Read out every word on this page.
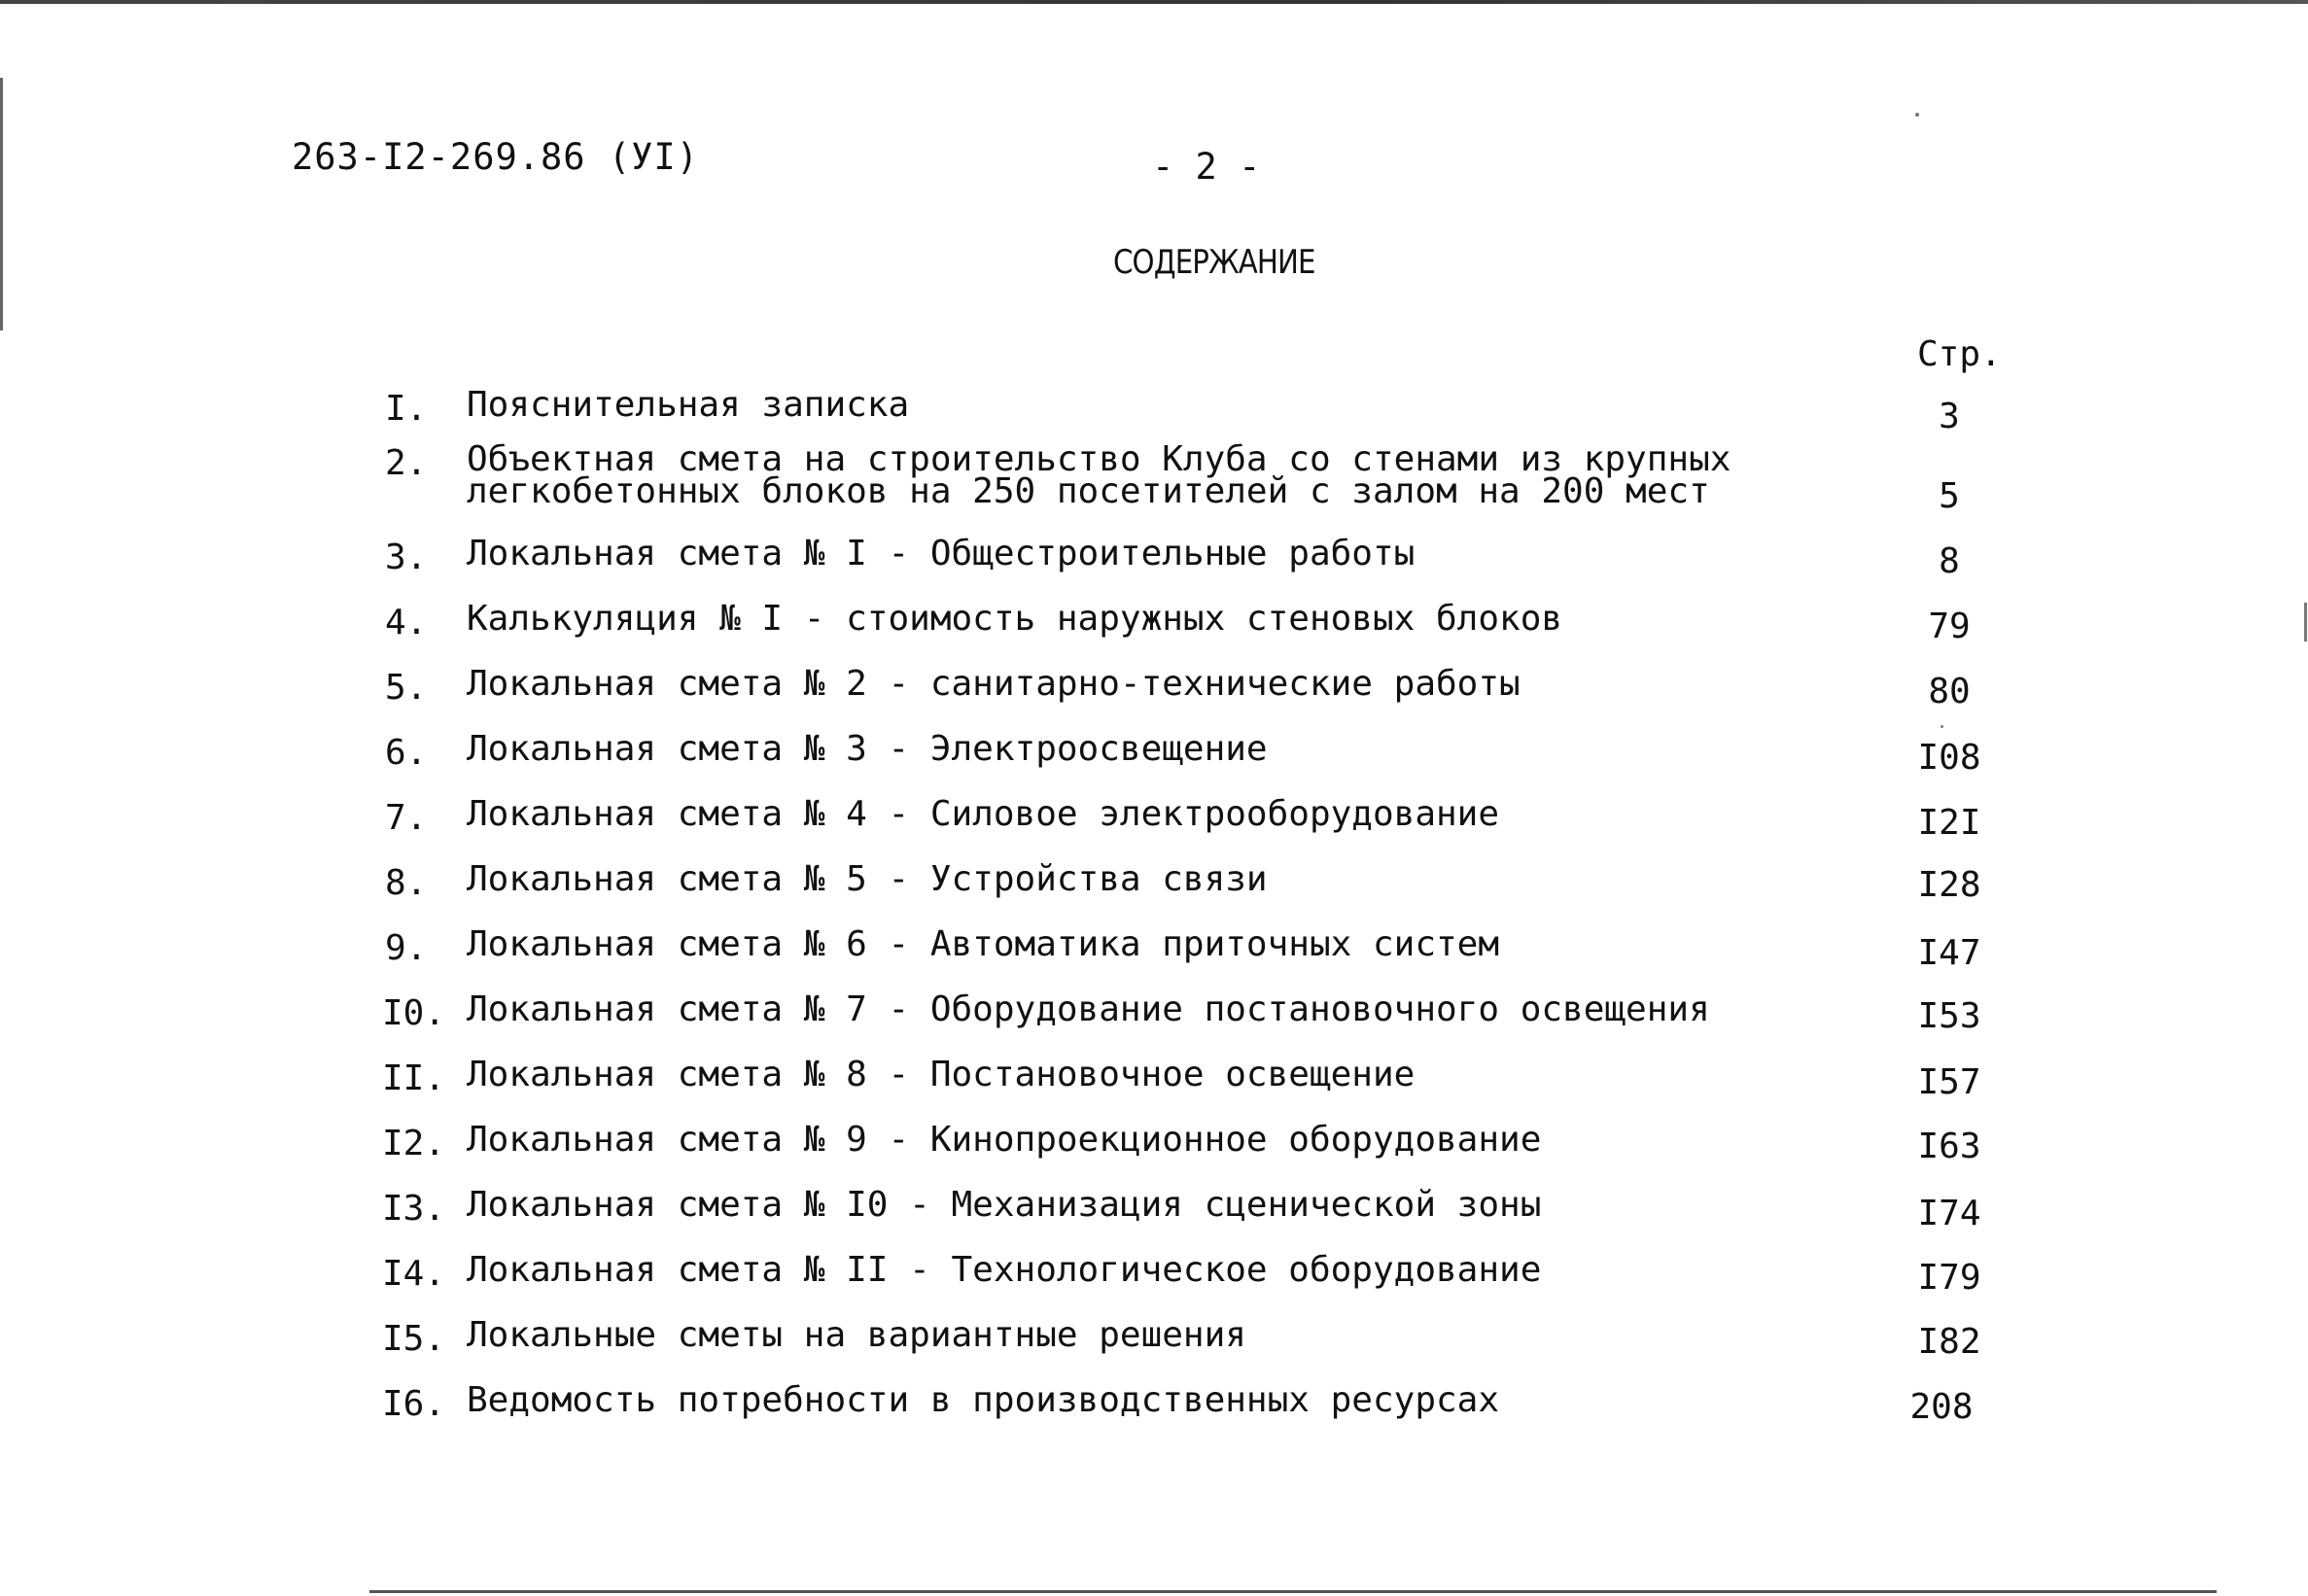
263-I2-269.86 (УI)	- 2 -
СОДЕРЖАНИЕ
Стр.
I. Пояснительная записка	3
2. Объектная смета на строительство Клуба со стенами из крупных
легкобетонных блоков на 250 посетителей с залом на 200 мест	5
3. Локальная смета № I - Общестроительные работы	8
4. Калькуляция № I - стоимость наружных стеновых блоков	79
5. Локальная смета № 2 - санитарно-технические работы	80
6. Локальная смета № 3 - Электроосвещение	I08
7. Локальная смета № 4 - Силовое электрооборудование	I2I
8. Локальная смета № 5 - Устройства связи	I28
9. Локальная смета № 6 - Автоматика приточных систем	I47
I0. Локальная смета № 7 - Оборудование постановочного освещения	I53
II. Локальная смета № 8 - Постановочное освещение	I57
I2. Локальная смета № 9 - Кинопроекционное оборудование	I63
I3. Локальная смета № I0 - Механизация сценической зоны	I74
I4. Локальная смета № II - Технологическое оборудование	I79
I5. Локальные сметы на вариантные решения	I82
I6. Ведомость потребности в производственных ресурсах	208
